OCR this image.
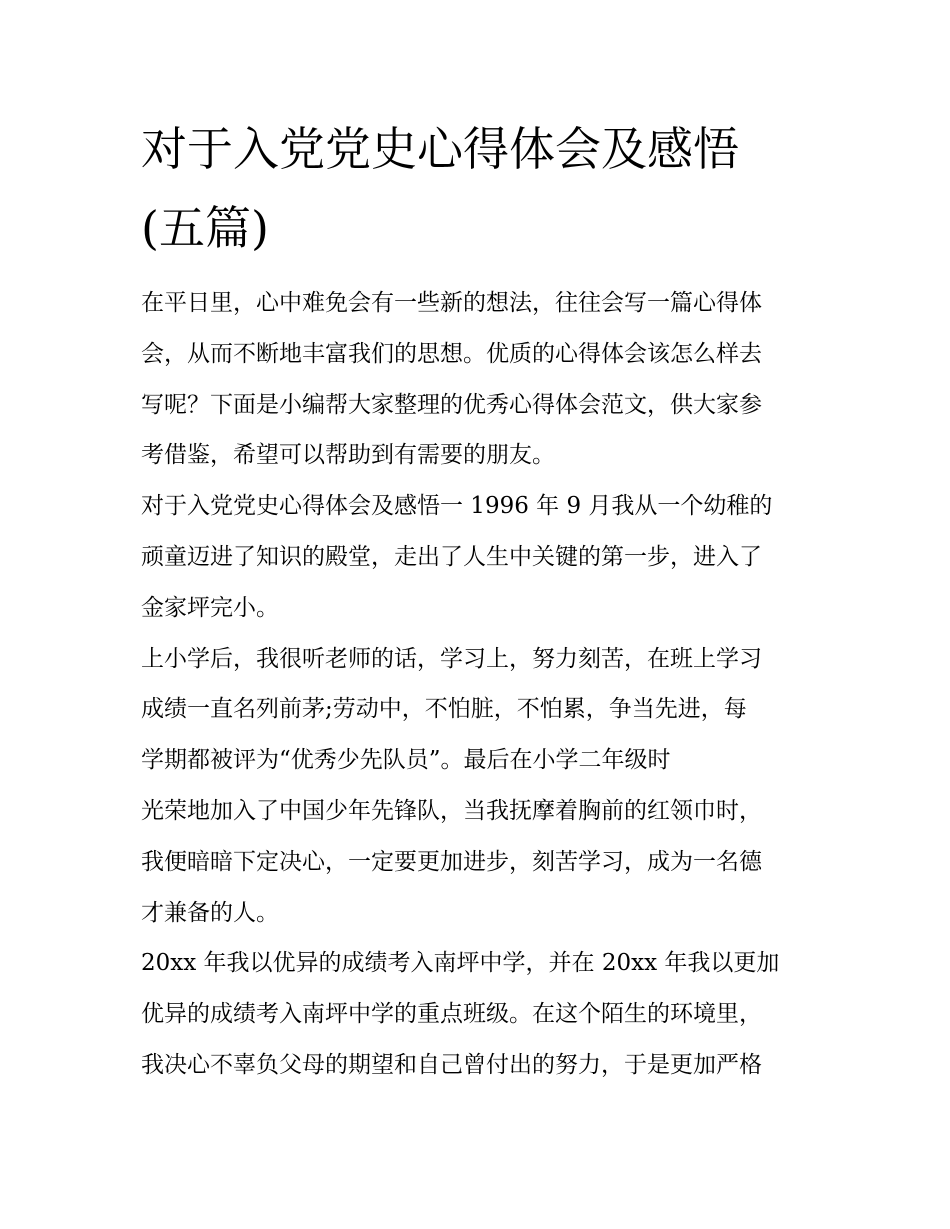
对于入党党史心得体会及感悟
(五篇)
在平日里，心中难免会有一些新的想法，往往会写一篇心得体
会，从而不断地丰富我们的思想。优质的心得体会该怎么样去
写呢？下面是小编帮大家整理的优秀心得体会范文，供大家参
考借鉴，希望可以帮助到有需要的朋友。
对于入党党史心得体会及感悟一 1996 年 9 月我从一个幼稚的
顽童迈进了知识的殿堂，走出了人生中关键的第一步，进入了
金家坪完小。
上小学后，我很听老师的话，学习上，努力刻苦，在班上学习
成绩一直名列前茅;劳动中，不怕脏，不怕累，争当先进，每
学期都被评为“优秀少先队员”。最后在小学二年级时
光荣地加入了中国少年先锋队，当我抚摩着胸前的红领巾时，
我便暗暗下定决心，一定要更加进步，刻苦学习，成为一名德
才兼备的人。
20xx 年我以优异的成绩考入南坪中学，并在 20xx 年我以更加
优异的成绩考入南坪中学的重点班级。在这个陌生的环境里，
我决心不辜负父母的期望和自己曾付出的努力，于是更加严格
